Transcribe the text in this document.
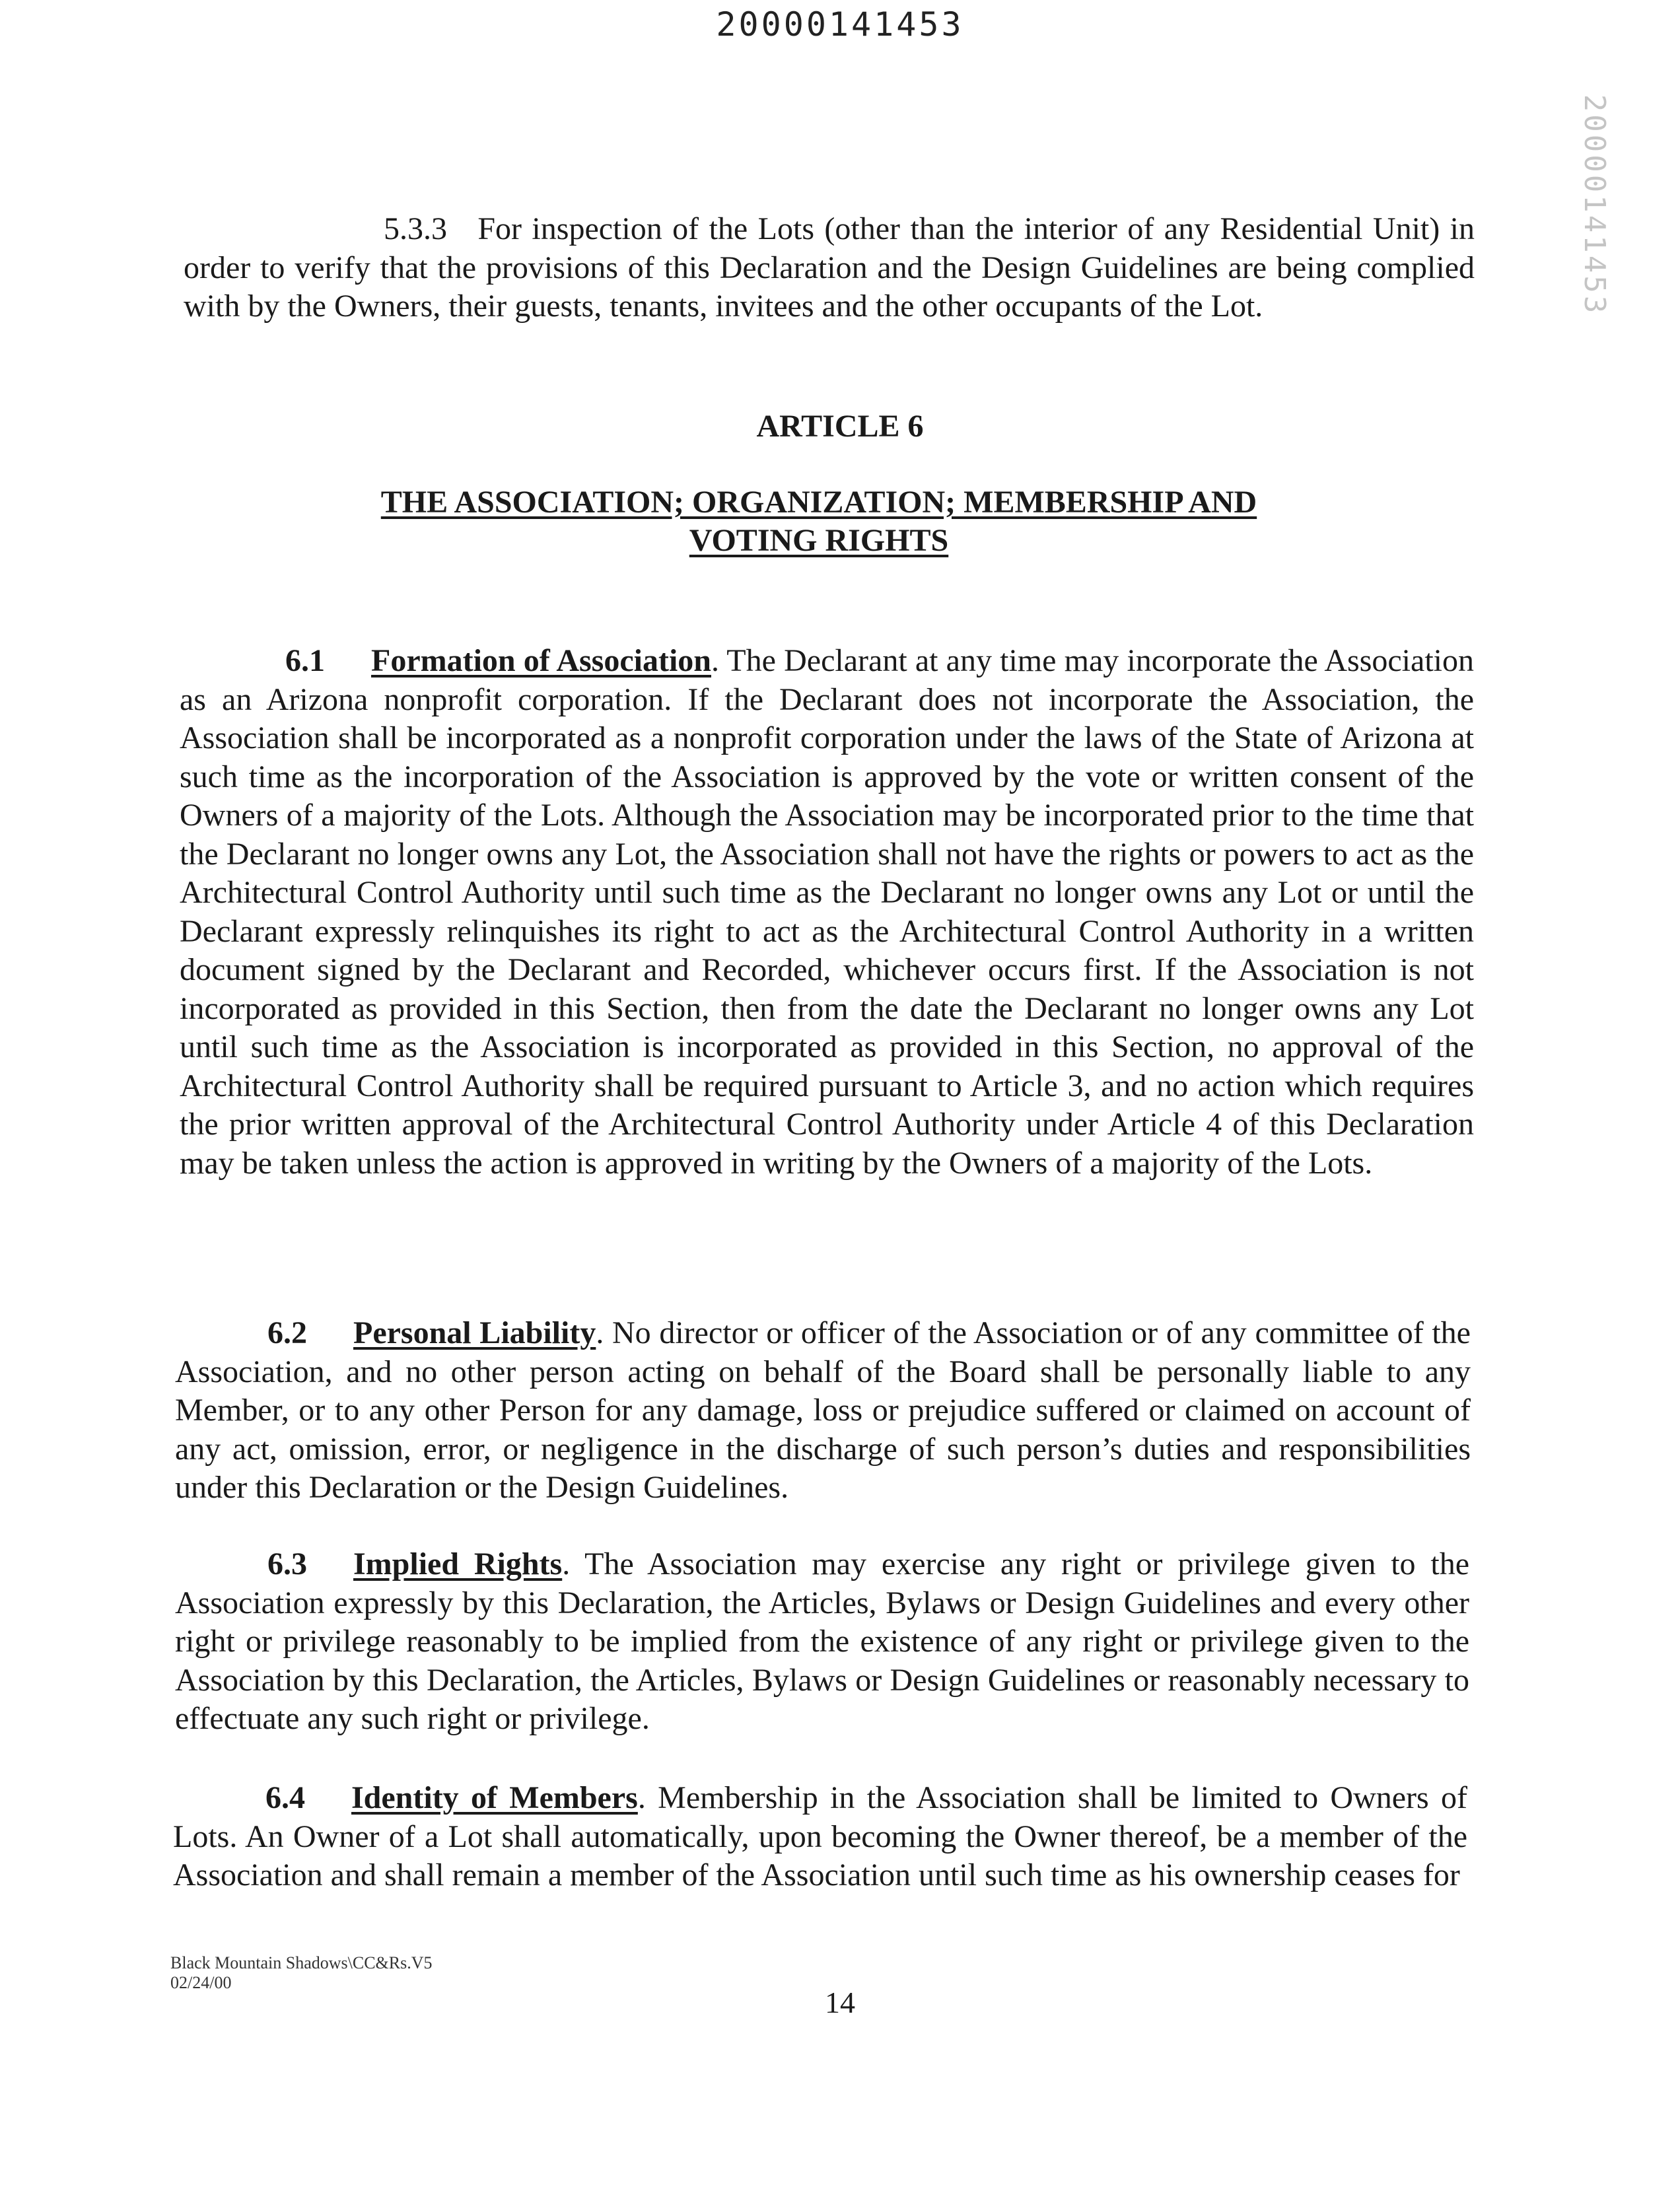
20000141453
20000141453

5.3.3 For inspection of the Lots (other than the interior of any Residential Unit) in order to verify that the provisions of this Declaration and the Design Guidelines are being complied with by the Owners, their guests, tenants, invitees and the other occupants of the Lot.

ARTICLE 6
THE ASSOCIATION; ORGANIZATION; MEMBERSHIP AND VOTING RIGHTS

6.1 Formation of Association. The Declarant at any time may incorporate the Association as an Arizona nonprofit corporation. If the Declarant does not incorporate the Association, the Association shall be incorporated as a nonprofit corporation under the laws of the State of Arizona at such time as the incorporation of the Association is approved by the vote or written consent of the Owners of a majority of the Lots. Although the Association may be incorporated prior to the time that the Declarant no longer owns any Lot, the Association shall not have the rights or powers to act as the Architectural Control Authority until such time as the Declarant no longer owns any Lot or until the Declarant expressly relinquishes its right to act as the Architectural Control Authority in a written document signed by the Declarant and Recorded, whichever occurs first. If the Association is not incorporated as provided in this Section, then from the date the Declarant no longer owns any Lot until such time as the Association is incorporated as provided in this Section, no approval of the Architectural Control Authority shall be required pursuant to Article 3, and no action which requires the prior written approval of the Architectural Control Authority under Article 4 of this Declaration may be taken unless the action is approved in writing by the Owners of a majority of the Lots.

6.2 Personal Liability. No director or officer of the Association or of any committee of the Association, and no other person acting on behalf of the Board shall be personally liable to any Member, or to any other Person for any damage, loss or prejudice suffered or claimed on account of any act, omission, error, or negligence in the discharge of such person’s duties and responsibilities under this Declaration or the Design Guidelines.

6.3 Implied Rights. The Association may exercise any right or privilege given to the Association expressly by this Declaration, the Articles, Bylaws or Design Guidelines and every other right or privilege reasonably to be implied from the existence of any right or privilege given to the Association by this Declaration, the Articles, Bylaws or Design Guidelines or reasonably necessary to effectuate any such right or privilege.

6.4 Identity of Members. Membership in the Association shall be limited to Owners of Lots. An Owner of a Lot shall automatically, upon becoming the Owner thereof, be a member of the Association and shall remain a member of the Association until such time as his ownership ceases for

Black Mountain Shadows\CC&Rs.V5
02/24/00
14
